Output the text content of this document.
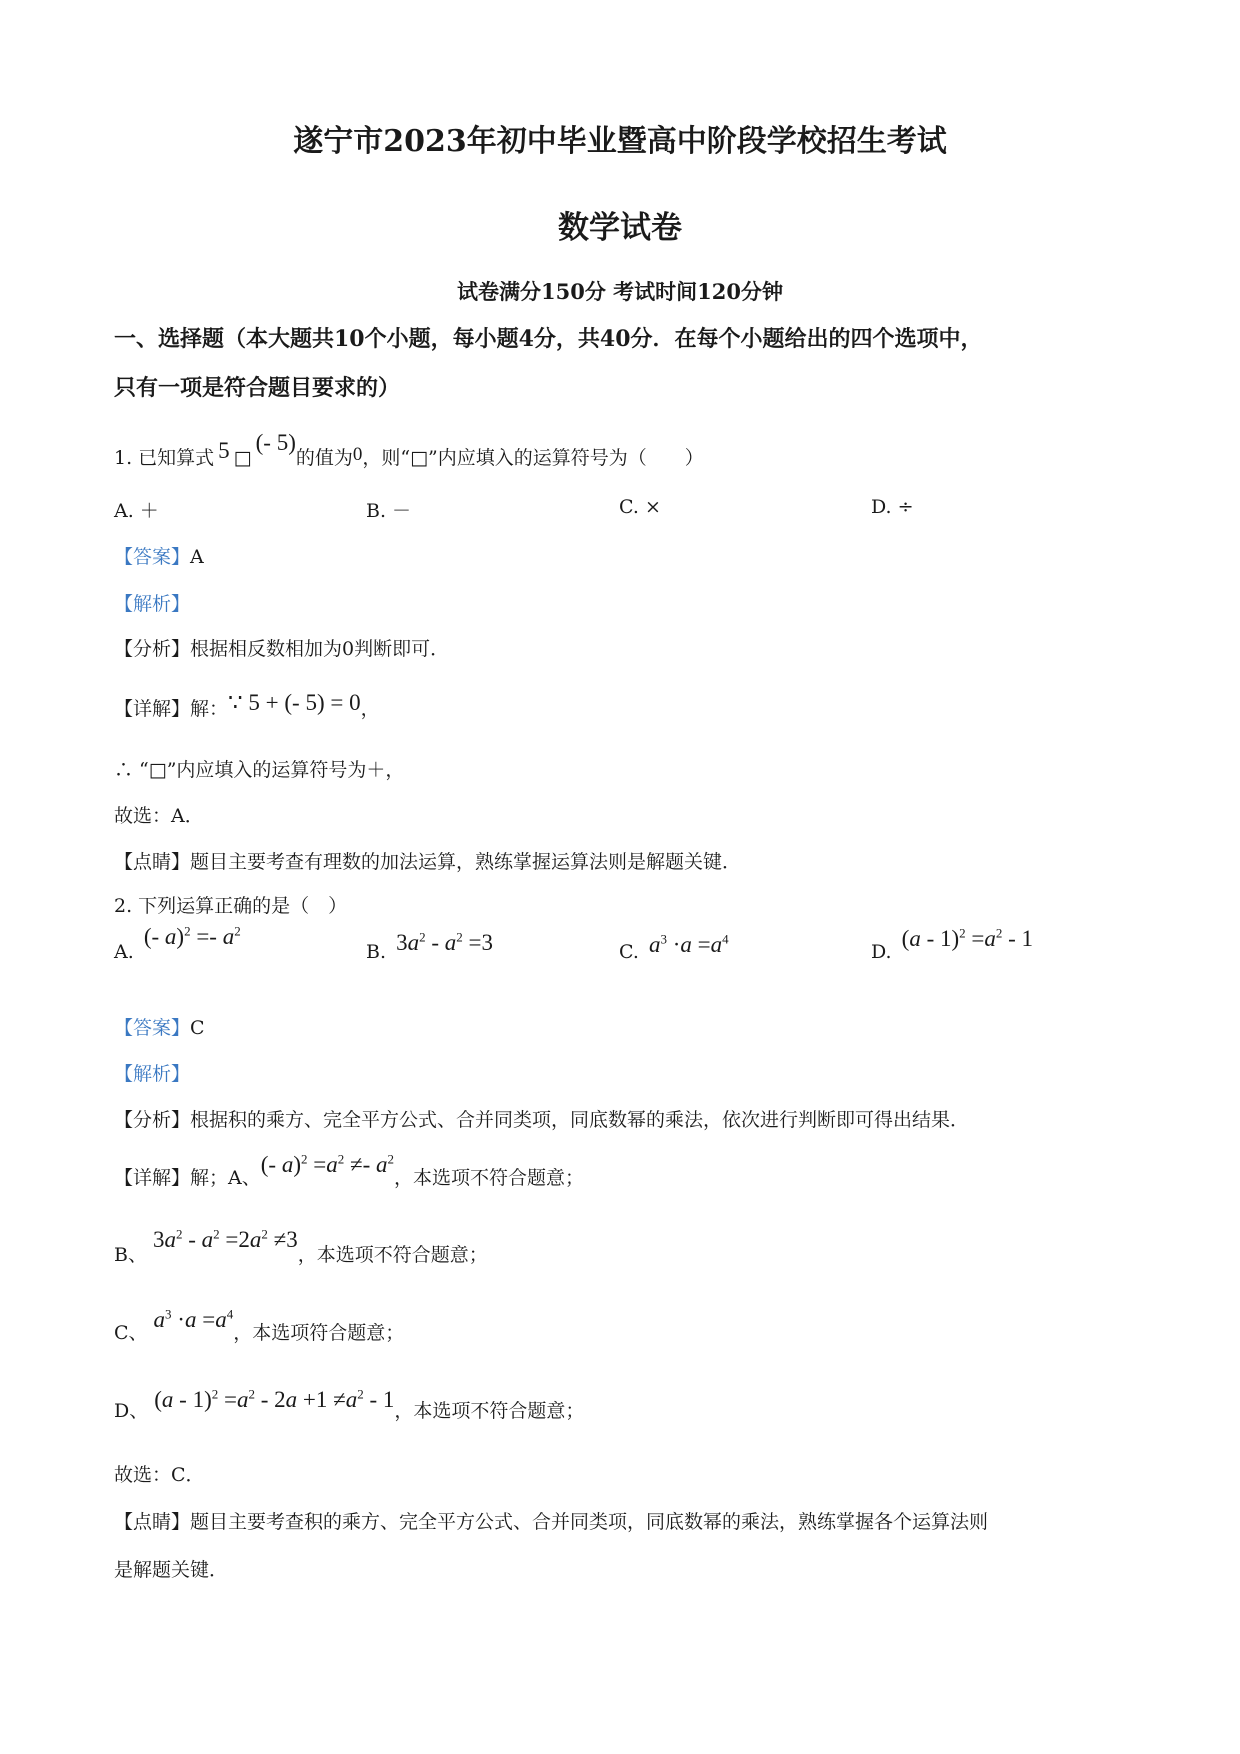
遂宁市2023年初中毕业暨高中阶段学校招生考试
数学试卷
试卷满分150分 考试时间120分钟
一、选择题（本大题共10个小题，每小题4分，共40分．在每个小题给出的四个选项中，
只有一项是符合题目要求的）
1. 已知算式 5 □(- 5)的值为0，则“□”内应填入的运算符号为（　　）
A. ＋	B. －	C. ×	D. ÷
【答案】A
【解析】
【分析】根据相反数相加为0判断即可．
【详解】解：∵ 5 + (- 5) = 0，
∴ “□”内应填入的运算符号为＋，
故选：A．
【点睛】题目主要考查有理数的加法运算，熟练掌握运算法则是解题关键．
2. 下列运算正确的是（　）
A. (- $a)^2 =- a^2$
B. $3a^2 - a^2 =3$	C. $a^3 \cdot a =a^4$
D. $(a - 1)^2 =a^2 - 1$
【答案】C
【解析】
【分析】根据积的乘方、完全平方公式、合并同类项，同底数幂的乘法，依次进行判断即可得出结果．
【详解】解；A、(- $a)^2 =a^2 \ne- a^2$，本选项不符合题意；
B、$3a^2 - a^2 =2a^2 \ne 3$，本选项不符合题意；
C、$a^3 \cdot a =a^4$，本选项符合题意；
D、 $(a - 1)^2 =a^2 - 2a +1 \ne a^2 - 1$，本选项不符合题意；
故选：C．
【点睛】题目主要考查积的乘方、完全平方公式、合并同类项，同底数幂的乘法，熟练掌握各个运算法则
是解题关键．
